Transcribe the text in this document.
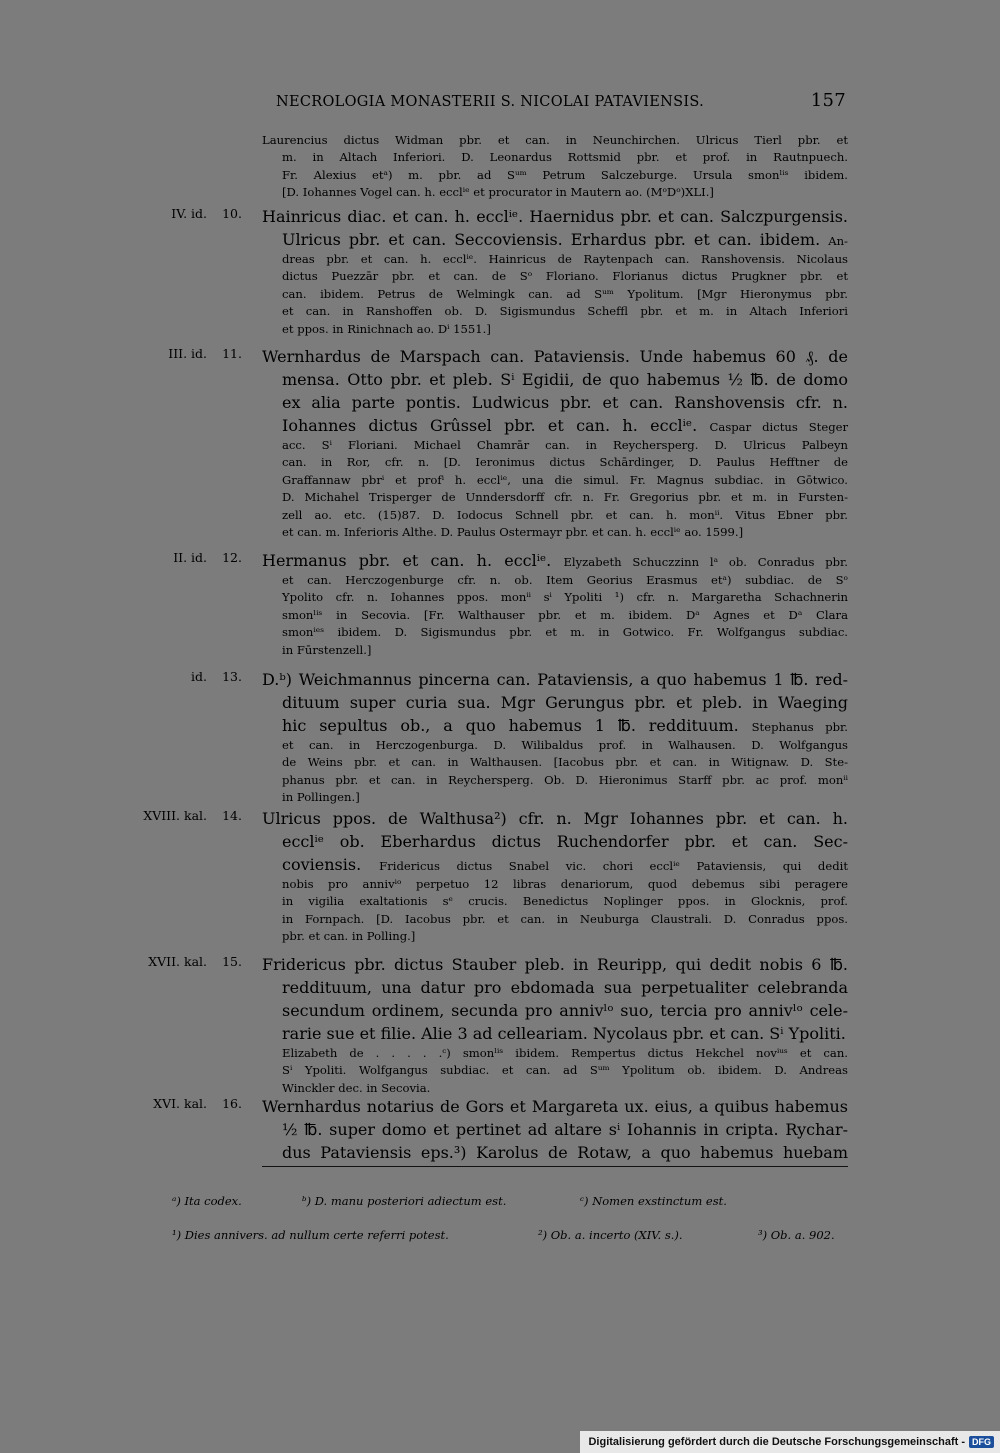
NECROLOGIA MONASTERII S. NICOLAI PATAVIENSIS.	157
Laurencius dictus Widman pbr. et can. in Neunchirchen. Ulricus Tierl pbr. et
m. in Altach Inferiori. D. Leonardus Rottsmid pbr. et prof. in Rautnpuech.
Fr. Alexius etᵃ) m. pbr. ad Sᵘᵐ Petrum Salczeburge. Ursula smonˡⁱˢ ibidem.
[D. Iohannes Vogel can. h. ecclⁱᵉ et procurator in Mautern ao. (MᵒDᵒ)XLI.]
IV. id.	10. Hainricus diac. et can. h. ecclⁱᵉ. Haernidus pbr. et can. Salczpurgensis.
Ulricus pbr. et can. Seccoviensis. Erhardus pbr. et can. ibidem. An-
dreas pbr. et can. h. ecclⁱᵉ. Hainricus de Raytenpach can. Ranshovensis. Nicolaus
dictus Puezzār pbr. et can. de Sᵒ Floriano. Florianus dictus Prugkner pbr. et
can. ibidem. Petrus de Welmingk can. ad Sᵘᵐ Ypolitum. [Mgr Hieronymus pbr.
et can. in Ranshoffen ob. D. Sigismundus Scheffl pbr. et m. in Altach Inferiori
et ppos. in Rinichnach ao. Dⁱ 1551.]
III. id.	11. Wernhardus de Marspach can. Pataviensis. Unde habemus 60 ₰. de
mensa. Otto pbr. et pleb. Sⁱ Egidii, de quo habemus ½ ℔. de domo
ex alia parte pontis. Ludwicus pbr. et can. Ranshovensis cfr. n.
Iohannes dictus Grûssel pbr. et can. h. ecclⁱᵉ. Caspar dictus Steger
acc. Sⁱ Floriani. Michael Chamrār can. in Reychersperg. D. Ulricus Palbeyn
can. in Ror, cfr. n. [D. Ieronimus dictus Schārdinger, D. Paulus Hefftner de
Graffannaw pbrⁱ et profⁱ h. ecclⁱᵉ, una die simul. Fr. Magnus subdiac. in Gōtwico.
D. Michahel Trisperger de Unndersdorff cfr. n. Fr. Gregorius pbr. et m. in Fursten-
zell ao. etc. (15)87. D. Iodocus Schnell pbr. et can. h. monⁱⁱ. Vitus Ebner pbr.
et can. m. Inferioris Althe. D. Paulus Ostermayr pbr. et can. h. ecclⁱᵉ ao. 1599.]
II. id.	12. Hermanus pbr. et can. h. ecclⁱᵉ. Elyzabeth Schuczzinn lᵃ ob. Conradus pbr.
et can. Herczogenburge cfr. n. ob. Item Georius Erasmus etᵃ) subdiac. de Sᵒ
Ypolito cfr. n. Iohannes ppos. monⁱⁱ sⁱ Ypoliti ¹) cfr. n. Margaretha Schachnerin
smonˡⁱˢ in Secovia. [Fr. Walthauser pbr. et m. ibidem. Dᵃ Agnes et Dᵃ Clara
smonⁱᵉˢ ibidem. D. Sigismundus pbr. et m. in Gotwico. Fr. Wolfgangus subdiac.
in Fūrstenzell.]
id.	13. D.ᵇ) Weichmannus pincerna can. Pataviensis, a quo habemus 1 ℔. red-
dituum super curia sua. Mgr Gerungus pbr. et pleb. in Waeging
hic sepultus ob., a quo habemus 1 ℔. reddituum. Stephanus pbr.
et can. in Herczogenburga. D. Wilibaldus prof. in Walhausen. D. Wolfgangus
de Weins pbr. et can. in Walthausen. [Iacobus pbr. et can. in Witignaw. D. Ste-
phanus pbr. et can. in Reychersperg. Ob. D. Hieronimus Starff pbr. ac prof. monⁱⁱ
in Pollingen.]
XVIII. kal.	14. Ulricus ppos. de Walthusa²) cfr. n. Mgr Iohannes pbr. et can. h.
ecclⁱᵉ ob. Eberhardus dictus Ruchendorfer pbr. et can. Sec-
coviensis. Fridericus dictus Snabel vic. chori ecclⁱᵉ Pataviensis, qui dedit
nobis pro annivⁱᵒ perpetuo 12 libras denariorum, quod debemus sibi peragere
in vigilia exaltationis sᵉ crucis. Benedictus Noplinger ppos. in Glocknis, prof.
in Fornpach. [D. Iacobus pbr. et can. in Neuburga Claustrali. D. Conradus ppos.
pbr. et can. in Polling.]
XVII. kal.	15. Fridericus pbr. dictus Stauber pleb. in Reuripp, qui dedit nobis 6 ℔.
reddituum, una datur pro ebdomada sua perpetualiter celebranda
secundum ordinem, secunda pro annivˡᵒ suo, tercia pro annivˡᵒ cele-
rarie sue et filie. Alie 3 ad celleariam. Nycolaus pbr. et can. Sⁱ Ypoliti.
Elizabeth de . . . . .ᶜ) smonˡⁱˢ ibidem. Rempertus dictus Hekchel novⁱᵘˢ et can.
Sⁱ Ypoliti. Wolfgangus subdiac. et can. ad Sᵘᵐ Ypolitum ob. ibidem. D. Andreas
Winckler dec. in Secovia.
XVI. kal.	16. Wernhardus notarius de Gors et Margareta ux. eius, a quibus habemus
½ ℔. super domo et pertinet ad altare sⁱ Iohannis in cripta. Rychar-
dus Pataviensis eps.³) Karolus de Rotaw, a quo habemus huebam
ᵃ) Ita codex.	ᵇ) D. manu posteriori adiectum est.	ᶜ) Nomen exstinctum est.
¹) Dies annivers. ad nullum certe referri potest.	²) Ob. a. incerto (XIV. s.).	³) Ob. a. 902.
Digitalisierung gefördert durch die Deutsche Forschungsgemeinschaft - DFG
